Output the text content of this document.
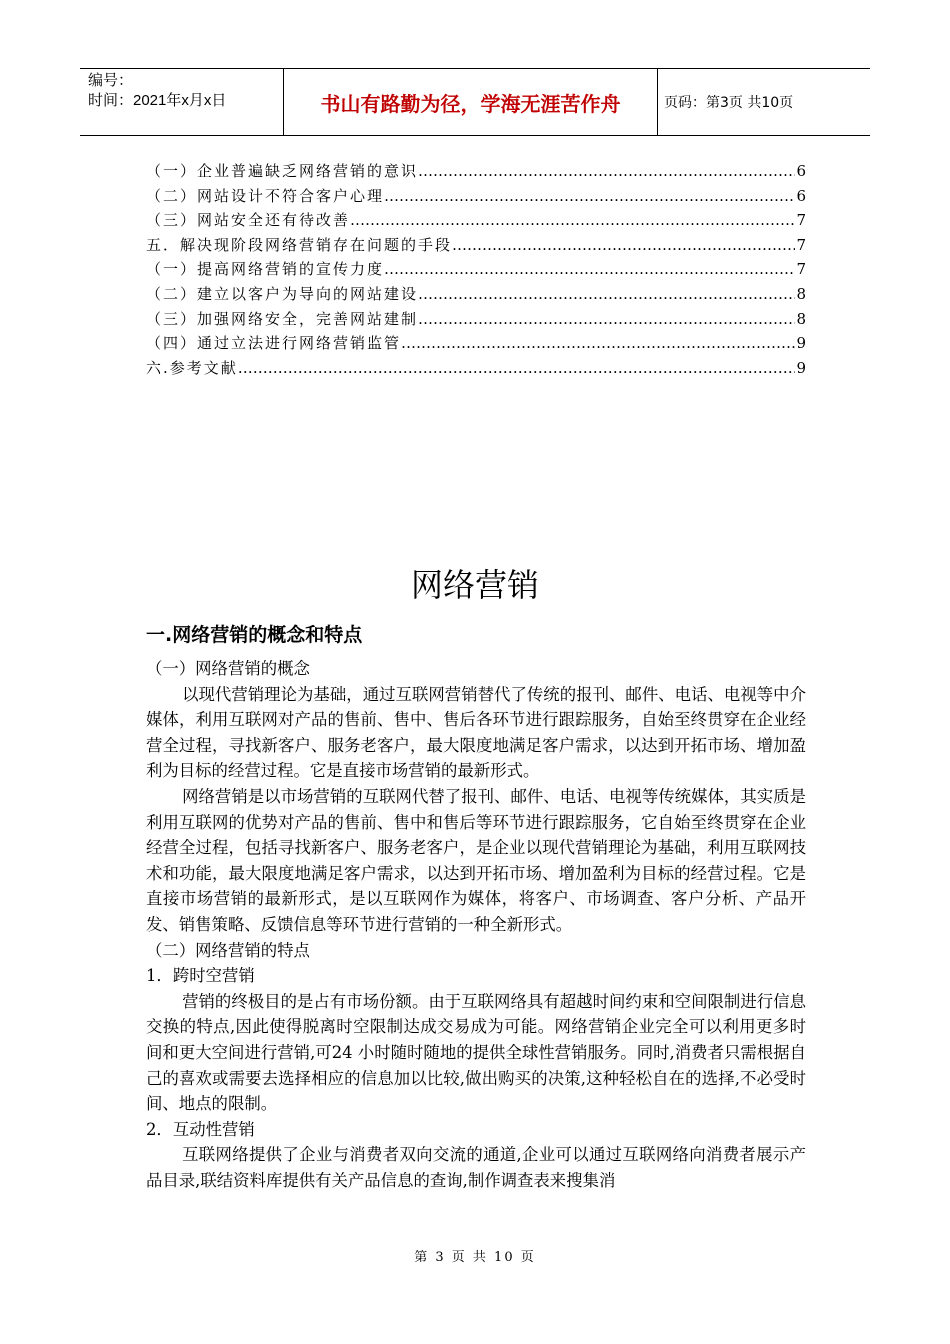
编号：
时间：2021年x月x日	书山有路勤为径，学海无涯苦作舟	页码：第3页 共10页
（一）企业普遍缺乏网络营销的意识 …………………………………………………………………………………………………………………………	6
（二）网站设计不符合客户心理 …………………………………………………………………………………………………………………………	6
（三）网站安全还有待改善 …………………………………………………………………………………………………………………………	7
五．解决现阶段网络营销存在问题的手段 …………………………………………………………………………………………………………………………	7
（一）提高网络营销的宣传力度 …………………………………………………………………………………………………………………………	7
（二）建立以客户为导向的网站建设 …………………………………………………………………………………………………………………………	8
（三）加强网络安全，完善网站建制 …………………………………………………………………………………………………………………………	8
（四）通过立法进行网络营销监管 …………………………………………………………………………………………………………………………	9
六.参考文献 …………………………………………………………………………………………………………………………	9
网络营销
一.网络营销的概念和特点

（一）网络营销的概念

以现代营销理论为基础，通过互联网营销替代了传统的报刊、邮件、电话、电视等中介媒体，利用互联网对产品的售前、售中、售后各环节进行跟踪服务，自始至终贯穿在企业经营全过程，寻找新客户、服务老客户，最大限度地满足客户需求，以达到开拓市场、增加盈利为目标的经营过程。它是直接市场营销的最新形式。

网络营销是以市场营销的互联网代替了报刊、邮件、电话、电视等传统媒体，其实质是利用互联网的优势对产品的售前、售中和售后等环节进行跟踪服务，它自始至终贯穿在企业经营全过程，包括寻找新客户、服务老客户，是企业以现代营销理论为基础，利用互联网技术和功能，最大限度地满足客户需求，以达到开拓市场、增加盈利为目标的经营过程。它是直接市场营销的最新形式，是以互联网作为媒体，将客户、市场调查、客户分析、产品开发、销售策略、反馈信息等环节进行营销的一种全新形式。

（二）网络营销的特点

1．跨时空营销

营销的终极目的是占有市场份额。由于互联网络具有超越时间约束和空间限制进行信息交换的特点,因此使得脱离时空限制达成交易成为可能。网络营销企业完全可以利用更多时间和更大空间进行营销,可24 小时随时随地的提供全球性营销服务。同时,消费者只需根据自己的喜欢或需要去选择相应的信息加以比较,做出购买的决策,这种轻松自在的选择,不必受时间、地点的限制。

2．互动性营销

互联网络提供了企业与消费者双向交流的通道,企业可以通过互联网络向消费者展示产品目录,联结资料库提供有关产品信息的查询,制作调查表来搜集消

第 3 页 共 10 页
